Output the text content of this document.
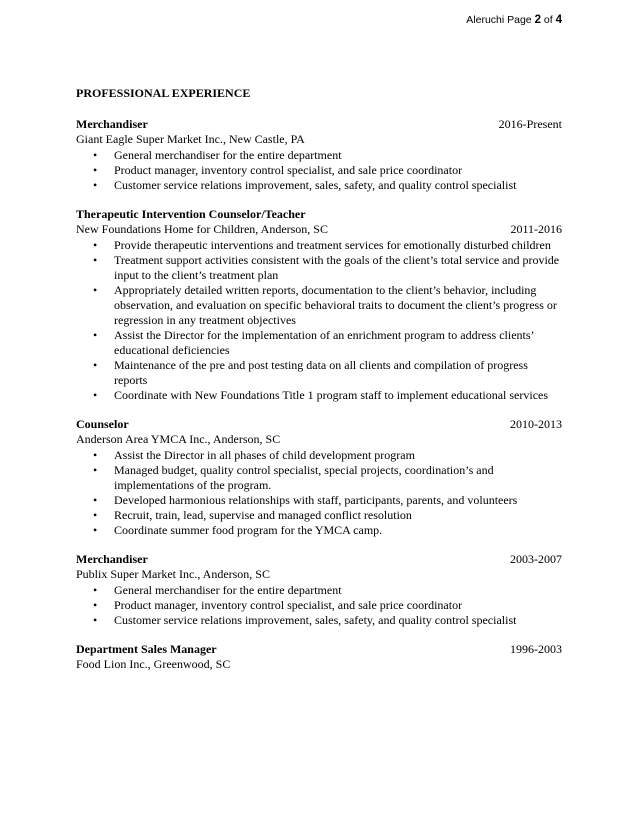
Aleruchi Page 2 of 4
PROFESSIONAL EXPERIENCE
Merchandiser	2016-Present
Giant Eagle Super Market Inc., New Castle, PA
• General merchandiser for the entire department
• Product manager, inventory control specialist, and sale price coordinator
• Customer service relations improvement, sales, safety, and quality control specialist
Therapeutic Intervention Counselor/Teacher
New Foundations Home for Children, Anderson, SC	2011-2016
• Provide therapeutic interventions and treatment services for emotionally disturbed children
• Treatment support activities consistent with the goals of the client’s total service and provide input to the client’s treatment plan
• Appropriately detailed written reports, documentation to the client’s behavior, including observation, and evaluation on specific behavioral traits to document the client’s progress or regression in any treatment objectives
• Assist the Director for the implementation of an enrichment program to address clients’ educational deficiencies
• Maintenance of the pre and post testing data on all clients and compilation of progress reports
• Coordinate with New Foundations Title 1 program staff to implement educational services
Counselor	2010-2013
Anderson Area YMCA Inc., Anderson, SC
• Assist the Director in all phases of child development program
• Managed budget, quality control specialist, special projects, coordination’s and implementations of the program.
• Developed harmonious relationships with staff, participants, parents, and volunteers
• Recruit, train, lead, supervise and managed conflict resolution
• Coordinate summer food program for the YMCA camp.
Merchandiser	2003-2007
Publix Super Market Inc., Anderson, SC
• General merchandiser for the entire department
• Product manager, inventory control specialist, and sale price coordinator
• Customer service relations improvement, sales, safety, and quality control specialist
Department Sales Manager	1996-2003
Food Lion Inc., Greenwood, SC
